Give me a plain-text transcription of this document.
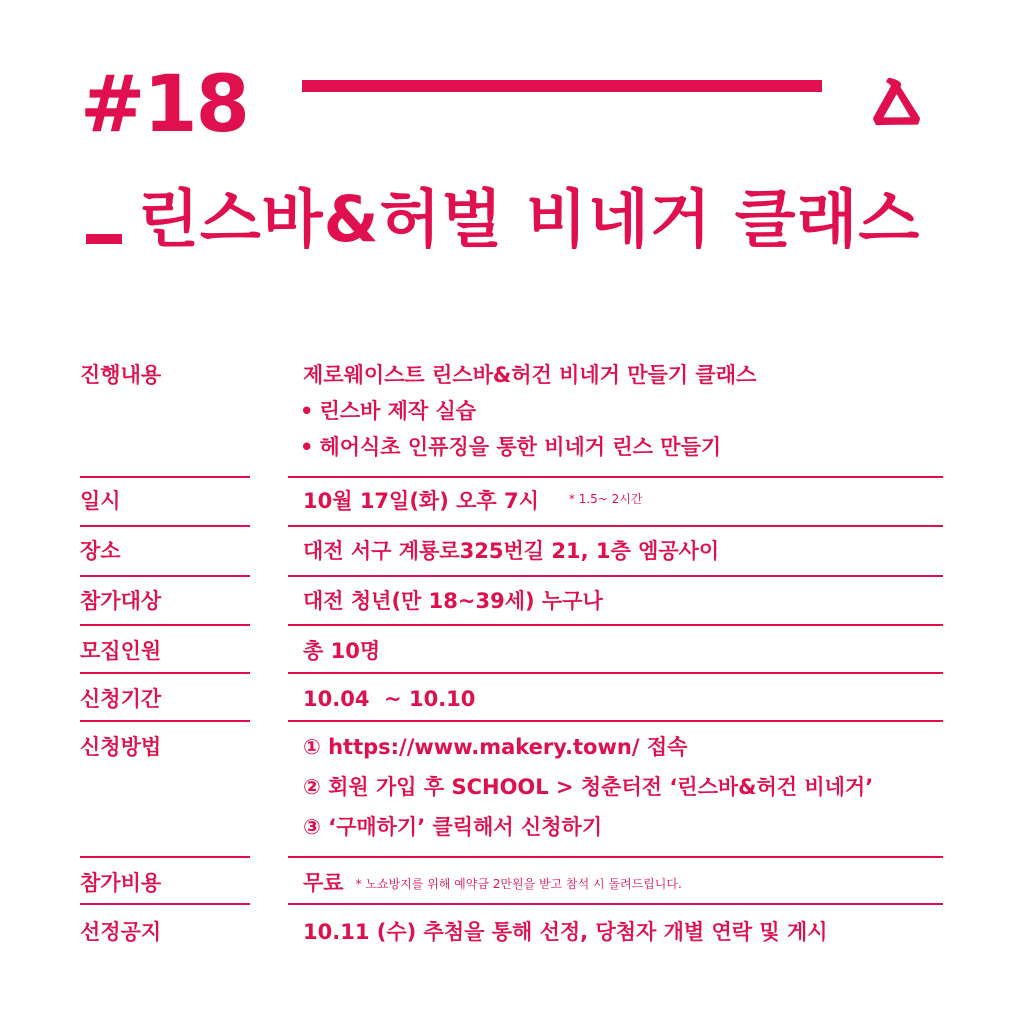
#18	ㅿ
린스바&허벌 비네거 클래스
진행내용	제로웨이스트 린스바&허건 비네거 만들기 클래스
• 린스바 제작 실습
• 헤어식초 인퓨징을 통한 비네거 린스 만들기
일시	10월 17일(화) 오후 7시	$^{* 1.5\sim 2시간}$
장소	대전 서구 계룡로325번길 21, 1층 엠공사이
참가대상	대전 청년(만 18~39세) 누구나
모집인원	총 10명
신청기간	10.04  ~ 10.10
신청방법	① https://www.makery.town/ 접속
② 회원 가입 후 SCHOOL > 청춘터전 ‘린스바&허건 비네거’
③ ‘구매하기’ 클릭해서 신청하기
참가비용	무료 * 노쇼방지를 위해 예약금 2만원을 받고 참석 시 돌려드립니다.
선정공지	10.11 (수) 추첨을 통해 선정, 당첨자 개별 연락 및 게시
